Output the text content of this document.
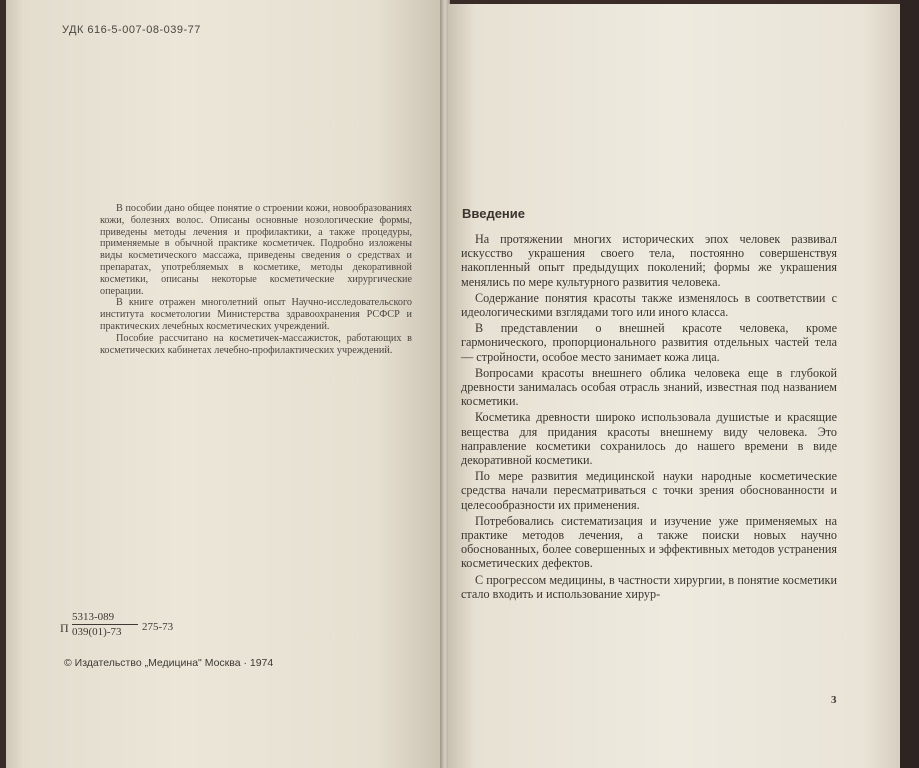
УДК 616-5-007-08-039-77

В пособии дано общее понятие о строении кожи, новообразованиях кожи, болезнях волос. Описаны основные нозологические формы, приведены методы лечения и профилактики, а также процедуры, применяемые в обычной практике косметичек. Подробно изложены виды косметического массажа, приведены сведения о средствах и препаратах, употребляемых в косметике, методы декоративной косметики, описаны некоторые косметические хирургические операции.

В книге отражен многолетний опыт Научно-исследовательского института косметологии Министерства здравоохранения РСФСР и практических лечебных косметических учреждений.

Пособие рассчитано на косметичек-массажисток, работающих в косметических кабинетах лечебно-профилактических учреждений.

П $\frac{5313-089}{039(01)-73} 275-73$
© Издательство „Медицина" Москва · 1974
Введение

На протяжении многих исторических эпох человек развивал искусство украшения своего тела, постоянно совершенствуя накопленный опыт предыдущих поколений; формы же украшения менялись по мере культурного развития человека.

Содержание понятия красоты также изменялось в соответствии с идеологическими взглядами того или иного класса.

В представлении о внешней красоте человека, кроме гармонического, пропорционального развития отдельных частей тела — стройности, особое место занимает кожа лица.

Вопросами красоты внешнего облика человека еще в глубокой древности занималась особая отрасль знаний, известная под названием косметики.

Косметика древности широко использовала душистые и красящие вещества для придания красоты внешнему виду человека. Это направление косметики сохранилось до нашего времени в виде декоративной косметики.

По мере развития медицинской науки народные косметические средства начали пересматриваться с точки зрения обоснованности и целесообразности их применения.

Потребовались систематизация и изучение уже применяемых на практике методов лечения, а также поиски новых научно обоснованных, более совершенных и эффективных методов устранения косметических дефектов.

С прогрессом медицины, в частности хирургии, в понятие косметики стало входить и использование хирур-

3
